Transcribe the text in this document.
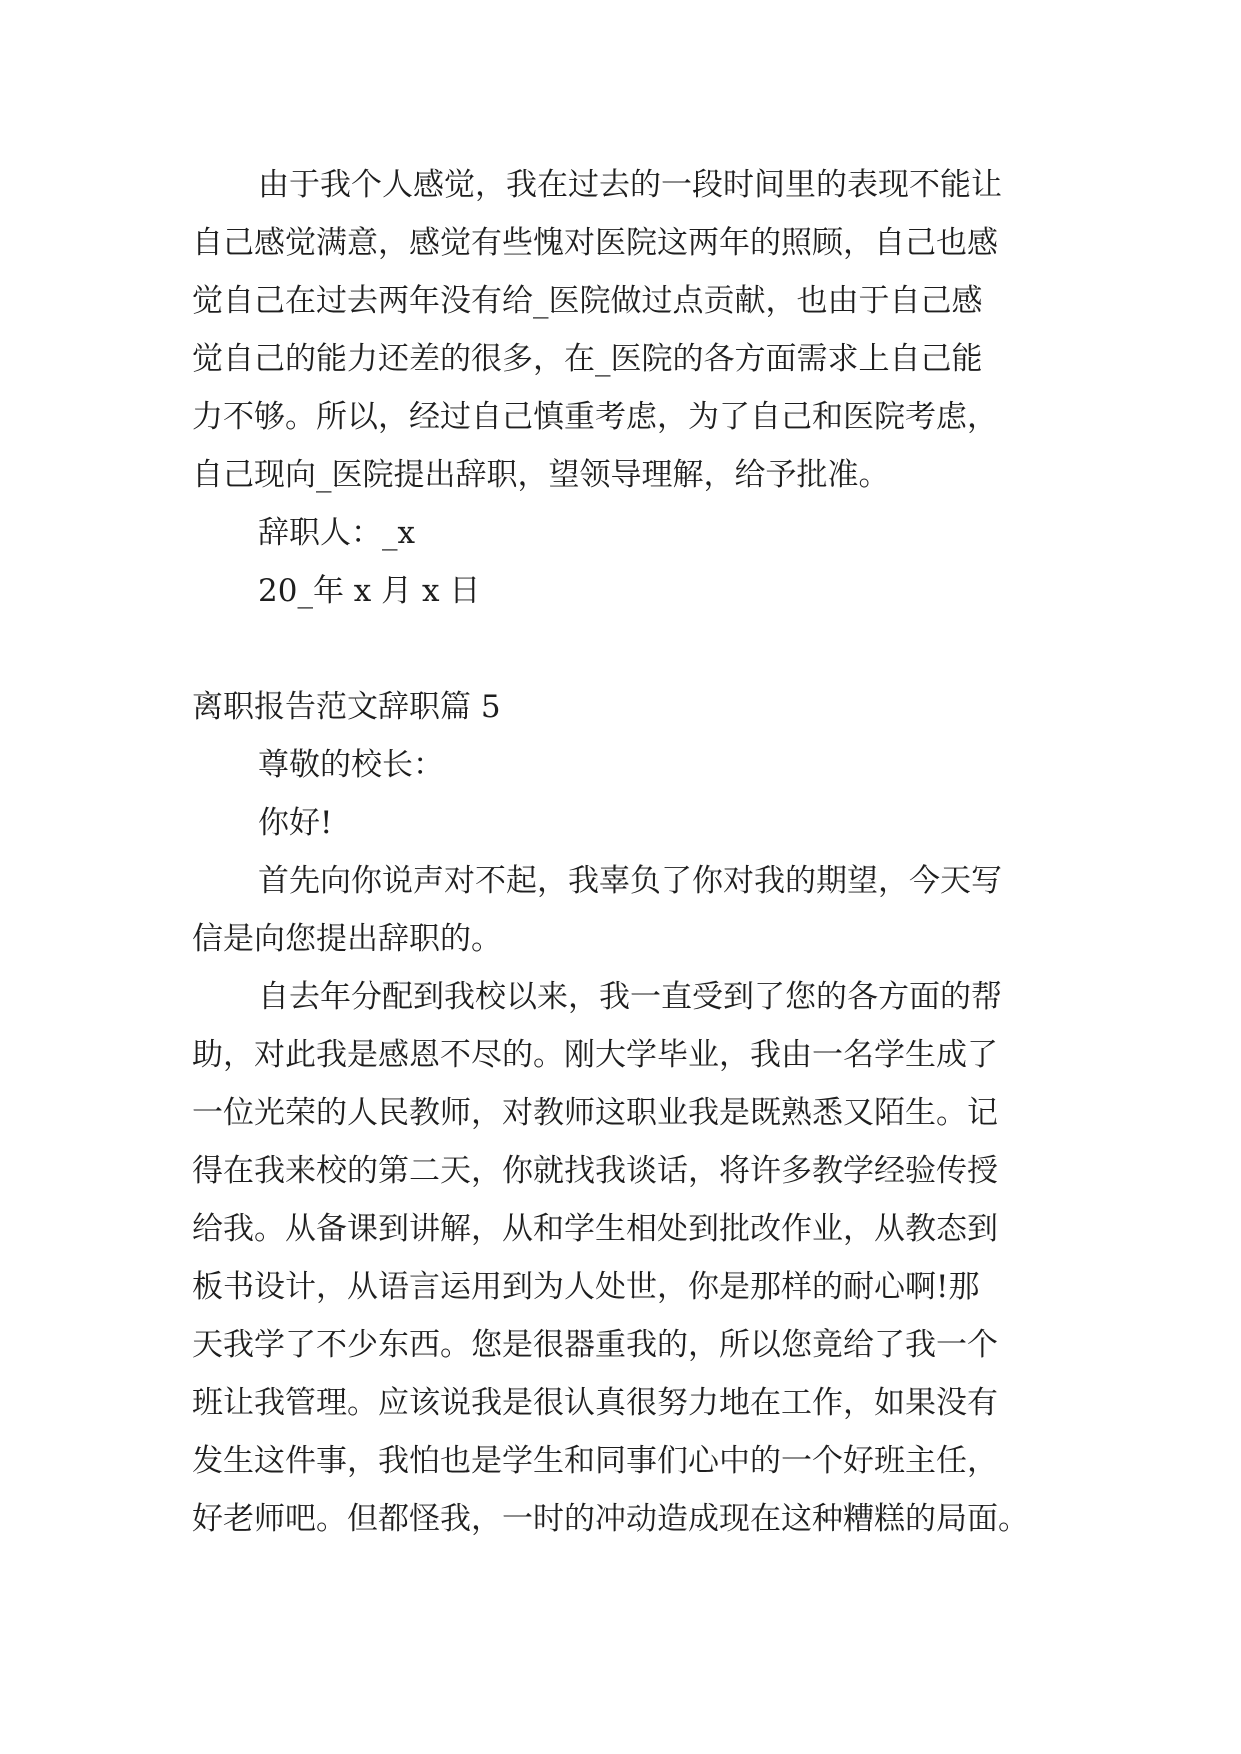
由于我个人感觉，我在过去的一段时间里的表现不能让
自己感觉满意，感觉有些愧对医院这两年的照顾，自己也感
觉自己在过去两年没有给_医院做过点贡献，也由于自己感
觉自己的能力还差的很多，在_医院的各方面需求上自己能
力不够。所以，经过自己慎重考虑，为了自己和医院考虑，
自己现向_医院提出辞职，望领导理解，给予批准。
辞职人：_x
20_年 x 月 x 日
离职报告范文辞职篇 5
尊敬的校长：
你好!
首先向你说声对不起，我辜负了你对我的期望，今天写
信是向您提出辞职的。
自去年分配到我校以来，我一直受到了您的各方面的帮
助，对此我是感恩不尽的。刚大学毕业，我由一名学生成了
一位光荣的人民教师，对教师这职业我是既熟悉又陌生。记
得在我来校的第二天，你就找我谈话，将许多教学经验传授
给我。从备课到讲解，从和学生相处到批改作业，从教态到
板书设计，从语言运用到为人处世，你是那样的耐心啊!那
天我学了不少东西。您是很器重我的，所以您竟给了我一个
班让我管理。应该说我是很认真很努力地在工作，如果没有
发生这件事，我怕也是学生和同事们心中的一个好班主任，
好老师吧。但都怪我，一时的冲动造成现在这种糟糕的局面。
